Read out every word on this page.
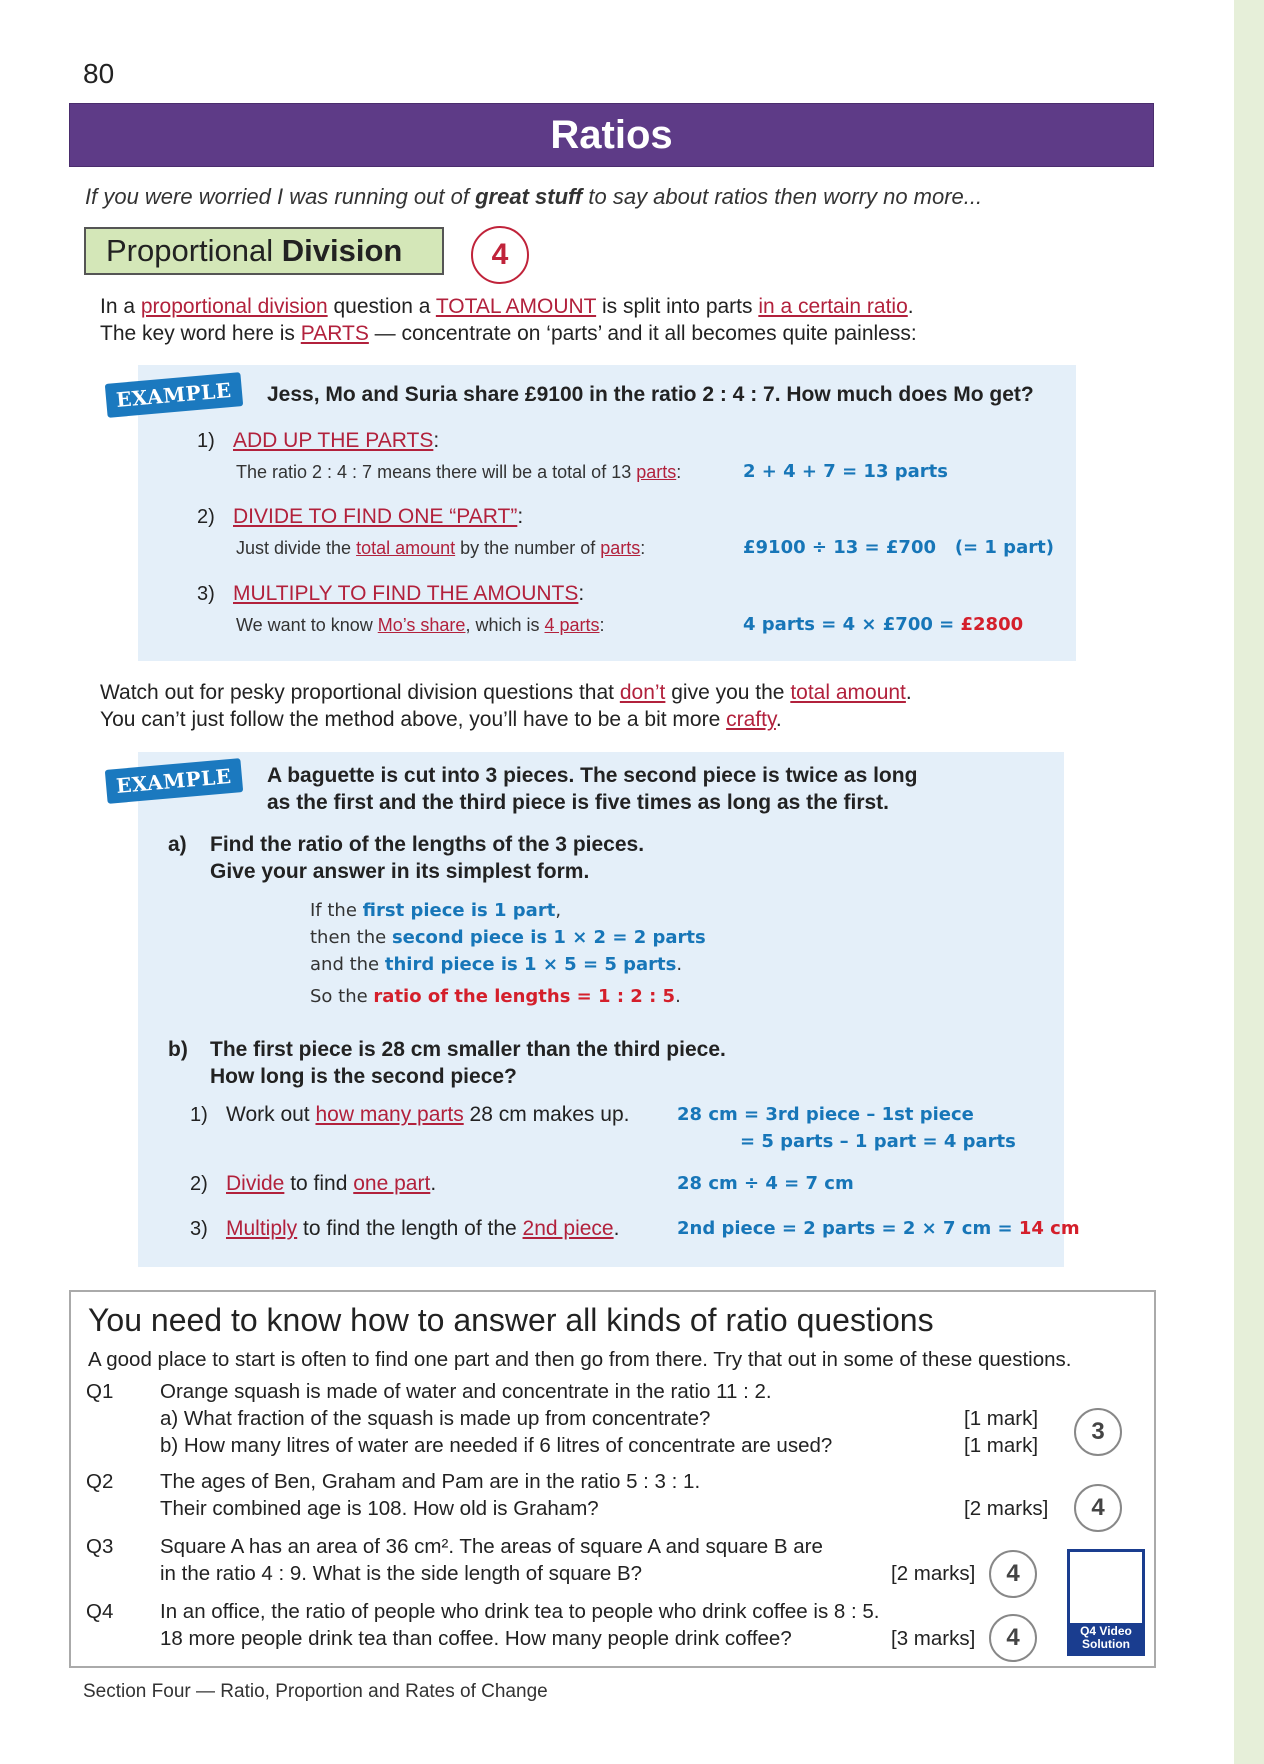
80
Ratios
If you were worried I was running out of great stuff to say about ratios then worry no more...
Proportional Division	4
In a proportional division question a TOTAL AMOUNT is split into parts in a certain ratio.
The key word here is PARTS — concentrate on ‘parts’ and it all becomes quite painless:
EXAMPLE	Jess, Mo and Suria share £9100 in the ratio 2 : 4 : 7. How much does Mo get?
1) ADD UP THE PARTS:
The ratio 2 : 4 : 7 means there will be a total of 13 parts:	2 + 4 + 7 = 13 parts
2) DIVIDE TO FIND ONE “PART”:
Just divide the total amount by the number of parts:	£9100 ÷ 13 = £700 (= 1 part)
3) MULTIPLY TO FIND THE AMOUNTS:
We want to know Mo’s share, which is 4 parts:	4 parts = 4 × £700 = £2800
Watch out for pesky proportional division questions that don’t give you the total amount.
You can’t just follow the method above, you’ll have to be a bit more crafty.
EXAMPLE	A baguette is cut into 3 pieces. The second piece is twice as long
as the first and the third piece is five times as long as the first.
a) Find the ratio of the lengths of the 3 pieces.
Give your answer in its simplest form.
If the first piece is 1 part,
then the second piece is 1 × 2 = 2 parts
and the third piece is 1 × 5 = 5 parts.
So the ratio of the lengths = 1 : 2 : 5.
b) The first piece is 28 cm smaller than the third piece.
How long is the second piece?
1) Work out how many parts 28 cm makes up.	28 cm = 3rd piece – 1st piece
= 5 parts – 1 part = 4 parts
2) Divide to find one part.	28 cm ÷ 4 = 7 cm
3) Multiply to find the length of the 2nd piece.	2nd piece = 2 parts = 2 × 7 cm = 14 cm
You need to know how to answer all kinds of ratio questions
A good place to start is often to find one part and then go from there. Try that out in some of these questions.
Q1 Orange squash is made of water and concentrate in the ratio 11 : 2.
a) What fraction of the squash is made up from concentrate?	[1 mark]
b) How many litres of water are needed if 6 litres of concentrate are used?	[1 mark]
3
Q2 The ages of Ben, Graham and Pam are in the ratio 5 : 3 : 1.
Their combined age is 108. How old is Graham?	[2 marks]	4
Q3 Square A has an area of 36 cm². The areas of square A and square B are
in the ratio 4 : 9. What is the side length of square B?	[2 marks]	4
Q4 In an office, the ratio of people who drink tea to people who drink coffee is 8 : 5.
18 more people drink tea than coffee. How many people drink coffee?	[3 marks]	4	Q4 Video
Solution
Section Four — Ratio, Proportion and Rates of Change
